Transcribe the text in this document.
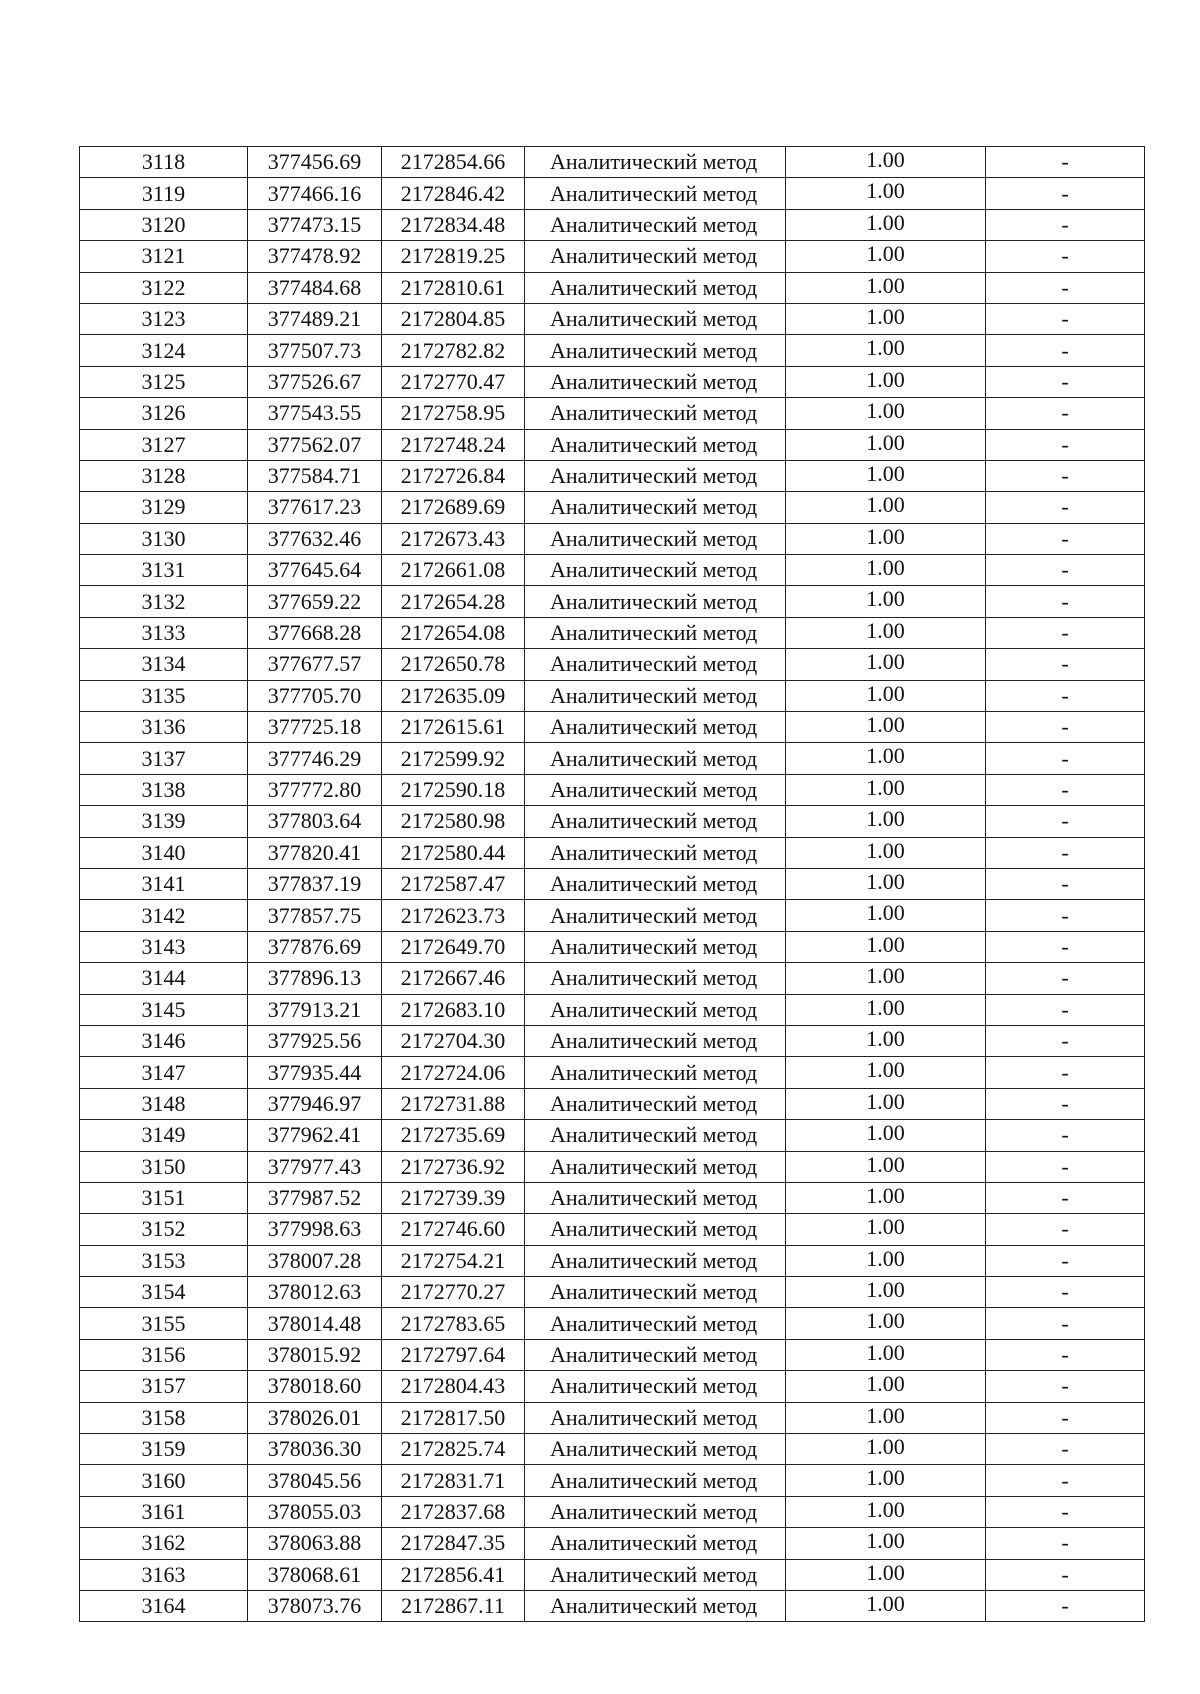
3118	377456.69	2172854.66	Аналитический метод	1.00	-
3119	377466.16	2172846.42	Аналитический метод	1.00	-
3120	377473.15	2172834.48	Аналитический метод	1.00	-
3121	377478.92	2172819.25	Аналитический метод	1.00	-
3122	377484.68	2172810.61	Аналитический метод	1.00	-
3123	377489.21	2172804.85	Аналитический метод	1.00	-
3124	377507.73	2172782.82	Аналитический метод	1.00	-
3125	377526.67	2172770.47	Аналитический метод	1.00	-
3126	377543.55	2172758.95	Аналитический метод	1.00	-
3127	377562.07	2172748.24	Аналитический метод	1.00	-
3128	377584.71	2172726.84	Аналитический метод	1.00	-
3129	377617.23	2172689.69	Аналитический метод	1.00	-
3130	377632.46	2172673.43	Аналитический метод	1.00	-
3131	377645.64	2172661.08	Аналитический метод	1.00	-
3132	377659.22	2172654.28	Аналитический метод	1.00	-
3133	377668.28	2172654.08	Аналитический метод	1.00	-
3134	377677.57	2172650.78	Аналитический метод	1.00	-
3135	377705.70	2172635.09	Аналитический метод	1.00	-
3136	377725.18	2172615.61	Аналитический метод	1.00	-
3137	377746.29	2172599.92	Аналитический метод	1.00	-
3138	377772.80	2172590.18	Аналитический метод	1.00	-
3139	377803.64	2172580.98	Аналитический метод	1.00	-
3140	377820.41	2172580.44	Аналитический метод	1.00	-
3141	377837.19	2172587.47	Аналитический метод	1.00	-
3142	377857.75	2172623.73	Аналитический метод	1.00	-
3143	377876.69	2172649.70	Аналитический метод	1.00	-
3144	377896.13	2172667.46	Аналитический метод	1.00	-
3145	377913.21	2172683.10	Аналитический метод	1.00	-
3146	377925.56	2172704.30	Аналитический метод	1.00	-
3147	377935.44	2172724.06	Аналитический метод	1.00	-
3148	377946.97	2172731.88	Аналитический метод	1.00	-
3149	377962.41	2172735.69	Аналитический метод	1.00	-
3150	377977.43	2172736.92	Аналитический метод	1.00	-
3151	377987.52	2172739.39	Аналитический метод	1.00	-
3152	377998.63	2172746.60	Аналитический метод	1.00	-
3153	378007.28	2172754.21	Аналитический метод	1.00	-
3154	378012.63	2172770.27	Аналитический метод	1.00	-
3155	378014.48	2172783.65	Аналитический метод	1.00	-
3156	378015.92	2172797.64	Аналитический метод	1.00	-
3157	378018.60	2172804.43	Аналитический метод	1.00	-
3158	378026.01	2172817.50	Аналитический метод	1.00	-
3159	378036.30	2172825.74	Аналитический метод	1.00	-
3160	378045.56	2172831.71	Аналитический метод	1.00	-
3161	378055.03	2172837.68	Аналитический метод	1.00	-
3162	378063.88	2172847.35	Аналитический метод	1.00	-
3163	378068.61	2172856.41	Аналитический метод	1.00	-
3164	378073.76	2172867.11	Аналитический метод	1.00	-
